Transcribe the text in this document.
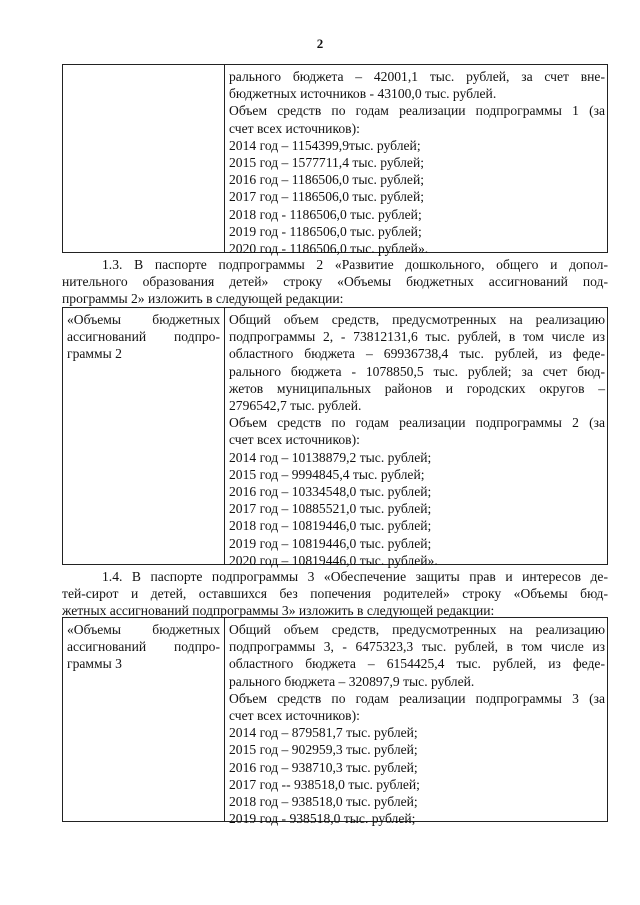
2
рального бюджета – 42001,1 тыс. рублей, за счет вне-
бюджетных источников - 43100,0 тыс. рублей.
Объем средств по годам реализации подпрограммы 1 (за
счет всех источников):
2014 год – 1154399,9тыс. рублей;
2015 год – 1577711,4 тыс. рублей;
2016 год – 1186506,0 тыс. рублей;
2017 год – 1186506,0 тыс. рублей;
2018 год - 1186506,0 тыс. рублей;
2019 год - 1186506,0 тыс. рублей;
2020 год - 1186506,0 тыс. рублей».
1.3. В паспорте подпрограммы 2 «Развитие дошкольного, общего и допол-
нительного образования детей» строку «Объемы бюджетных ассигнований под-
программы 2» изложить в следующей редакции:
«Объемы бюджетных
ассигнований подпро-
граммы 2
Общий объем средств, предусмотренных на реализацию
подпрограммы 2, - 73812131,6 тыс. рублей, в том числе из
областного бюджета – 69936738,4 тыс. рублей, из феде-
рального бюджета - 1078850,5 тыс. рублей; за счет бюд-
жетов муниципальных районов и городских округов –
2796542,7 тыс. рублей.
Объем средств по годам реализации подпрограммы 2 (за
счет всех источников):
2014 год – 10138879,2 тыс. рублей;
2015 год – 9994845,4 тыс. рублей;
2016 год – 10334548,0 тыс. рублей;
2017 год – 10885521,0 тыс. рублей;
2018 год – 10819446,0 тыс. рублей;
2019 год – 10819446,0 тыс. рублей;
2020 год – 10819446,0 тыс. рублей».
1.4. В паспорте подпрограммы 3 «Обеспечение защиты прав и интересов де-
тей-сирот и детей, оставшихся без попечения родителей» строку «Объемы бюд-
жетных ассигнований подпрограммы 3» изложить в следующей редакции:
«Объемы бюджетных
ассигнований подпро-
граммы 3
Общий объем средств, предусмотренных на реализацию
подпрограммы 3, - 6475323,3 тыс. рублей, в том числе из
областного бюджета – 6154425,4 тыс. рублей, из феде-
рального бюджета – 320897,9 тыс. рублей.
Объем средств по годам реализации подпрограммы 3 (за
счет всех источников):
2014 год – 879581,7 тыс. рублей;
2015 год – 902959,3 тыс. рублей;
2016 год – 938710,3 тыс. рублей;
2017 год -- 938518,0 тыс. рублей;
2018 год – 938518,0 тыс. рублей;
2019 год - 938518,0 тыс. рублей;
